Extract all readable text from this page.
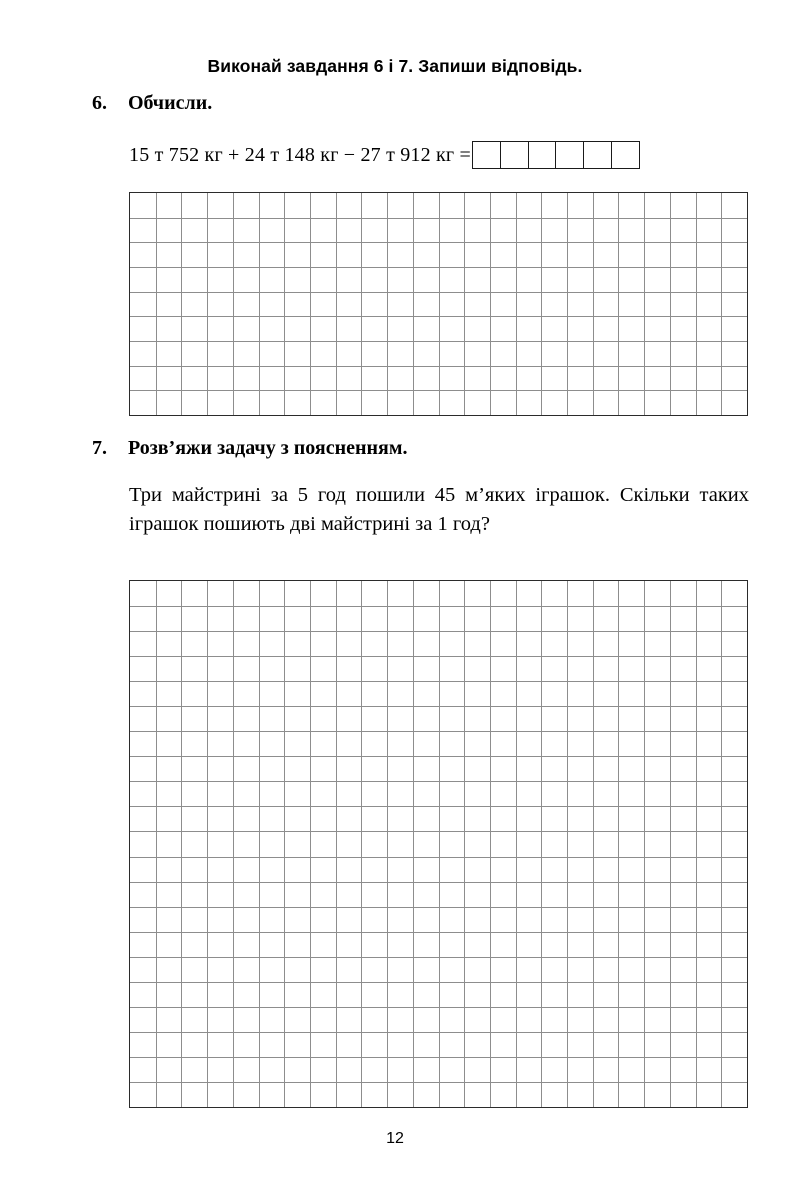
Виконай завдання 6 і 7. Запиши відповідь.
6. Обчисли.
15 т 752 кг + 24 т 148 кг − 27 т 912 кг =
7. Розв’яжи задачу з поясненням.
Три майстрині за 5 год пошили 45 м’яких іграшок. Скільки таких іграшок пошиють дві майстрині за 1 год?
12
